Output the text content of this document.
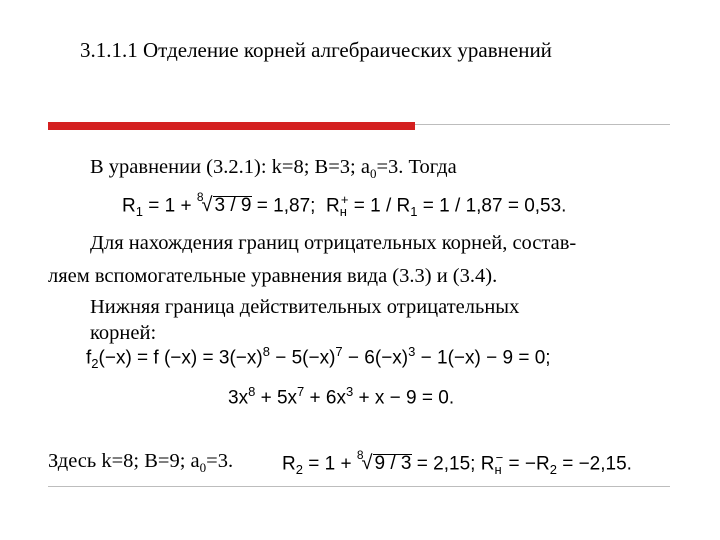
3.1.1.1 Отделение корней алгебраических уравнений
В уравнении (3.2.1): k=8; B=3; $a_0=3$. Тогда
$R_1 = 1 + ^8√$ 3 / 9 = 1,87; $R_н^+ = 1 / R_1 = 1 / 1,87 = 0,53$.
Для нахождения границ отрицательных корней, состав-
ляем вспомогательные уравнения вида (3.3) и (3.4).
Нижняя граница действительных отрицательных
корней:
$f_2(-x) = f$ $(-x) = 3(-x)^8 - 5(-x)^7 - 6(-x)^3 - 1(-x) - 9 = 0$;
$3x^8 + 5x^7 + 6x^3 + x - 9 = 0$.
Здесь k=8; B=9; $a_0=3$.	$R_2 = 1 + ^8√$ 9 / 3 = 2,15; $R_н^- = -R_2 = -2,15$.
